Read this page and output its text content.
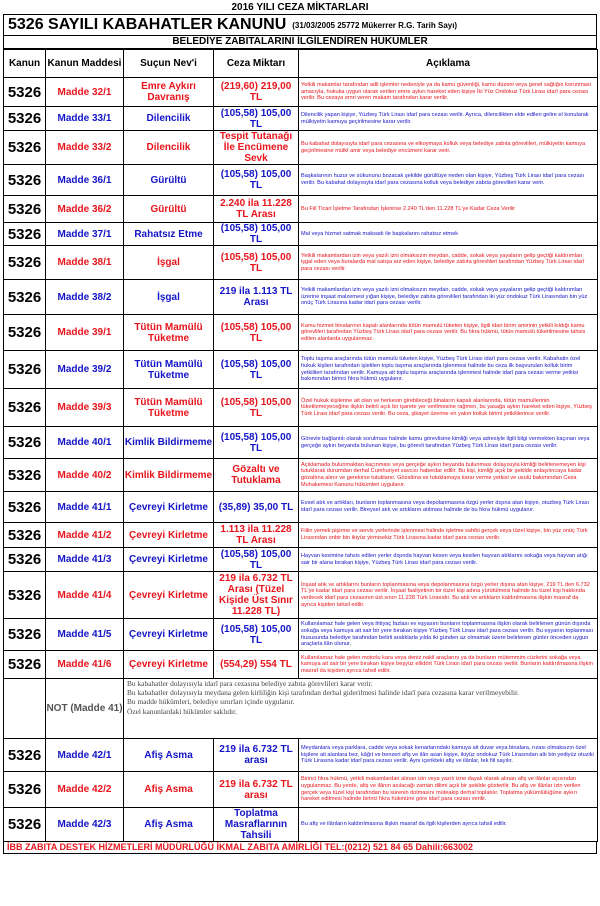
2016 YILI CEZA MİKTARLARI
5326 SAYILI KABAHATLER KANUNU (31/03/2005 25772 Mükerrer R.G. Tarih Sayı)
BELEDİYE ZABITALARINI İLGİLENDİREN HÜKÜMLER
Kanun	Kanun Maddesi	Suçun Nev'i	Ceza Miktarı	Açıklama
5326	Madde 32/1	Emre Aykırı Davranış	(219,60) 219,00 TL	Yetkili makamlar tarafından adli işlemler nedeniyle ya da kamu güvenliği, kamu düzeni veya genel sağlığın korunması amacıyla, hukuka uygun olarak verilen emre aykırı hareket eden kişiye İki Yüz Ondokuz Türk Lirası idarî para cezası verilir. Bu cezaya emri veren makam tarafından karar verilir.
5326	Madde 33/1	Dilencilik	(105,58) 105,00 TL	Dilencilik yapan kişiye, Yüzbeş Türk Lirası idarî para cezası verilir. Ayrıca, dilencilikten elde edilen gelire el konularak mülkiyetin kamuya geçirilmesine karar verilir.
5326	Madde 33/2	Dilencilik	Tespit Tutanağı İle Encümene Sevk	Bu kabahat dolayısıyla idarî para cezasına ve elkoymaya kolluk veya belediye zabıta görevlileri, mülkiyetin kamuya geçirilmesine mülkî amir veya belediye encümeni karar verir.
5326	Madde 36/1	Gürültü	(105,58) 105,00 TL	Başkalarının huzur ve sükununu bozacak şekilde gürültüye neden olan kişiye, Yüzbeş Türk Lirası idarî para cezası verilir. Bu kabahat dolayısıyla idarî para cezasına kolluk veya belediye zabıta görevlileri karar verir.
5326	Madde 36/2	Gürültü	2.240 ila 11.228 TL Arası	Bu Fiil Ticari İşletme Tarafından İşlenirse 2.240 TL'den 11.228 TL'ye Kadar Ceza Verilir
5326	Madde 37/1	Rahatsız Etme	(105,58) 105,00 TL	Mal veya hizmet satmak maksadı ile başkalarını rahatsız etmek
5326	Madde 38/1	İşgal	(105,58) 105,00 TL	Yetkili makamlardan izin veya yazılı izni olmaksızın meydan, cadde, sokak veya yayaların gelip geçtiği kaldırımları işgal eden veya buralarda mal satışa arz eden kişiye, belediye zabıta görevlileri tarafından Yüzbeş Türk Lirası idarî para cezası verilir.
5326	Madde 38/2	İşgal	219 ila 1.113 TL Arası	Yetkili makamlardan izin veya yazılı izni olmaksızın meydan, cadde, sokak veya yayaların gelip geçtiği kaldırımları üzerine inşaat malzemesi yığan kişiye, belediye zabıta görevlileri tarafından iki yüz ondokuz Türk Lirasından bin yüz onüç Türk Lirasına kadar idarî para cezası verilir.
5326	Madde 39/1	Tütün Mamülü Tüketme	(105,58) 105,00 TL	Kamu hizmet binalarının kapalı alanlarında tütün mamulü tüketen kişiye, ilgili idari birim amirinin yetkili kıldığı kamu görevlileri tarafından Yüzbeş Türk Lirası idarî para cezası verilir. Bu fıkra hükmü, tütün mamulü tüketilmesine tahsis edilen alanlarda uygulanmaz.
5326	Madde 39/2	Tütün Mamülü Tüketme	(105,58) 105,00 TL	Toplu taşıma araçlarında tütün mamulü tüketen kişiye, Yüzbeş Türk Lirası idarî para cezası verilir. Kabahatin özel hukuk kişileri tarafından işletilen toplu taşıma araçlarında işlenmesi halinde bu ceza ilk başvurulan kolluk birim yetkilileri tarafından verilir. Kamuya ait toplu taşıma araçlarında işlenmesi halinde idarî para cezası verme yetkisi bakımından birinci fıkra hükmü uygulanır.
5326	Madde 39/3	Tütün Mamülü Tüketme	(105,58) 105,00 TL	Özel hukuk kişilerine ait olan ve herkesin girebileceği binaların kapalı alanlarında, tütün mamullerinin tüketilemeyeceğine ilişkin belirli açık bir işarete yer verilmesine rağmen, bu yasağa aykırı hareket eden kişiye, Yüzbeş Türk Lirası idarî para cezası verilir. Bu ceza, şikayet üzerine en yakın kolluk birimi yetkililerince verilir.
5326	Madde 40/1	Kimlik Bildirmeme	(105,58) 105,00 TL	Görevle bağlantılı olarak sorulması halinde kamu görevlisine kimliği veya adresiyle ilgili bilgi vermekten kaçınan veya gerçeğe aykırı beyanda bulunan kişiye, bu görevli tarafından Yüzbeş Türk Lirası idarî para cezası verilir.
5326	Madde 40/2	Kimlik Bildirmeme	Gözaltı ve Tutuklama	Açıklamada bulunmaktan kaçınması veya gerçeğe aykırı beyanda bulunması dolayısıyla kimliği belirlenemeyen kişi tutuklarak durumdan derhal Cumhuriyet savcısı haberdar edilir. Bu kişi, kimliği açık bir şekilde anlaşılıncaya kadar gözaltına alınır ve gerekirse tutuklanır. Gözaltına ve tutuklamaya karar verme yetkisi ve usulü bakımından Ceza Muhakemesi Kanunu hükümleri uygulanır.
5326	Madde 41/1	Çevreyi Kirletme	(35,89) 35,00 TL	Evsel atık ve artıkları, bunların toplanmasına veya depolanmasına özgü yerler dışına atan kişiye, otuzbeş Türk Lirası idarî para cezası verilir. Bireysel atık ve artıkların atılması halinde de bu fıkra hükmü uygulanır.
5326	Madde 41/2	Çevreyi Kirletme	1.113 ila 11.228 TL Arası	Fiilin yemek pişirme ve servis yerlerinde işlenmesi halinde işletme sahibi gerçek veya tüzel kişiye, bin yüz onüç Türk Lirasından onbir bin ikiyüz yirmisekiz Türk Lirasına kadar idarî para cezası verilir.
5326	Madde 41/3	Çevreyi Kirletme	(105,58) 105,00 TL	Hayvan kesimine tahsis edilen yerler dışında hayvan kesen veya kesilen hayvan atıklarını sokağa veya hayvan atığı sair bir alana bırakan kişiye, Yüzbeş Türk Lirası idarî para cezası verilir.
5326	Madde 41/4	Çevreyi Kirletme	219 ila 6.732 TL Arası (Tüzel Kişide Üst Sınır 11.228 TL)	İnşaat atık ve artıklarını bunların toplanmasına veya depolanmasına özgü yerler dışına atan kişiye, 219 TL den 6.732 TL'ye kadar idarî para cezası verilir. İnşaat faaliyetinin bir tüzel kişi adına yürütülmesi halinde bu tüzel kişi hakkında verilecek idarî para cezasının üst sınırı 11.228 Türk Lirasıdır. Bu atık ve artıkların kaldırılmasına ilişkin masraf da ayrıca kişiden tahsil edilir.
5326	Madde 41/5	Çevreyi Kirletme	(105,58) 105,00 TL	Kullanılamaz hale gelen veya ihtiyaç fazlası ev eşyasını bunların toplanmasına ilişkin olarak belirlenen günün dışında sokağa veya kamuya ait sair bir yere bırakan kişiye Yüzbeş Türk Lirası idarî para cezası verilir. Bu eşyanın toplanması hususunda belediye tarafından belirli aralıklarla yılda iki günden az olmamak üzere belirlenen günler önceden uygun araçlarla ilân olunur.
5326	Madde 41/6	Çevreyi Kirletme	(554,29) 554 TL	Kullanılamaz hale gelen motorlu kara veya deniz nakil araçlarını ya da bunların mütemmim cüzlerini sokağa veya kamuya ait sair bir yere bırakan kişiye beşyüz ellidört Türk Lirası idarî para cezası verilir. Bunların kaldırılmasına ilişkin masraf da kişiden ayrıca tahsil edilir.
	NOT (Madde 41)	Bu kabahatler dolayısıyla idarî para cezasına belediye zabıta görevlileri karar verir.
Bu kabahatler dolayısıyla meydana gelen kirliliğin kişi tarafından derhal giderilmesi halinde idarî para cezasına karar verilmeyebilir.
Bu madde hükümleri, belediye sınırları içinde uygulanır.
Özel kanunlardaki hükümler saklıdır.		

5326	Madde 42/1	Afiş Asma	219 ila 6.732 TL arası	Meydanlara veya parklara, cadde veya sokak kenarlarındaki kamuya ait duvar veya binalara, rızası olmaksızın özel kişilere ait alanlara bez, kâğıt ve benzeri afiş ve ilân asan kişiye, ikiyüz ondokuz Türk Lirasından altı bin yediyüz otuziki Türk Lirasına kadar idarî para cezası verilir. Aynı içerikteki afiş ve ilânlar, tek fiil sayılır.
5326	Madde 42/2	Afiş Asma	219 ila 6.732 TL arası	Birinci fıkra hükmü, yetkili makamlardan alınan izin veya yazılı izne dayalı olarak alınan afiş ve ilânlar açısından uygulanmaz. Bu yerde, afiş ve ilânın asılacağı zaman dilimi açık bir şekilde gösterilir. Bu afiş ve ilânlar izin verilen gerçek veya tüzel kişi tarafından bu sürenin dolmasını müteakip derhal toplatılır. Toplatma yükümlülüğüne aykırı hareket edilmesi halinde birinci fıkra hükmüne göre idarî para cezası verilir.
5326	Madde 42/3	Afiş Asma	Toplatma Masraflarının Tahsili	Bu afiş ve ilânların kaldırılmasına ilişkin masraf da ilgili kişilerden ayrıca tahsil edilir.
İBB ZABITA DESTEK HİZMETLERİ MÜDÜRLÜĞÜ İKMAL ZABITA AMİRLİĞİ TEL:(0212) 521 84 65 Dahili:663002
